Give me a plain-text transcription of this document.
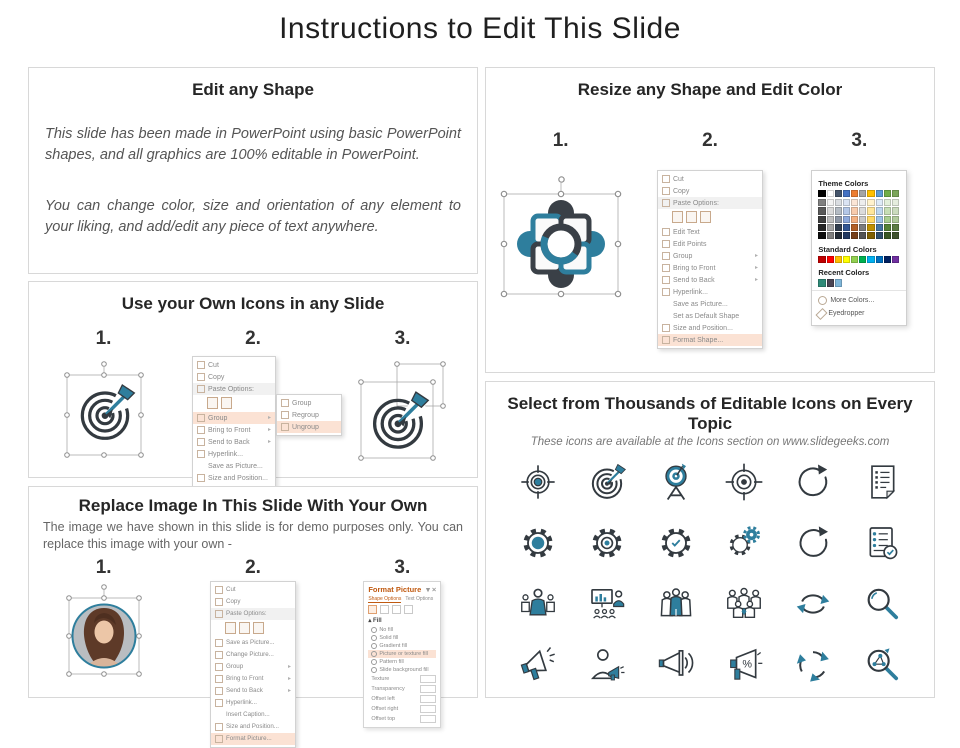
Instructions to Edit This Slide
Edit any Shape

This slide has been made in PowerPoint using basic PowerPoint shapes, and all graphics are 100% editable in PowerPoint.

You can change color, size and orientation of any element to your liking, and add/edit any piece of text anywhere.

Use your Own Icons in any Slide
1.	2.
Cut
Copy
Paste Options:
Group	▸
Bring to Front	▸
Send to Back	▸
Hyperlink...
Save as Picture...
Size and Position...
Group
Regroup
Ungroup
3.
Replace Image In This Slide With Your Own
The image we have shown in this slide is for demo purposes only. You can replace this image with your own -
1.	2.
Cut
Copy
Paste Options:
Save as Picture...
Change Picture...
Group	▸
Bring to Front	▸
Send to Back	▸
Hyperlink...
Insert Caption...
Size and Position...
Format Picture...
3.
Format Picture ▾ ×
Shape Options Text Options
▴ Fill
No fill
Solid fill
Gradient fill
Picture or texture fill
Pattern fill
Slide background fill
Texture
Transparency
Offset left
Offset right
Offset top
Resize any Shape and Edit Color
1.	2.
Cut
Copy
Paste Options:
Edit Text
Edit Points
Group	▸
Bring to Front	▸
Send to Back	▸
Hyperlink...
Save as Picture...
Set as Default Shape
Size and Position...
Format Shape...
3.
Theme Colors
Standard Colors
Recent Colors
More Colors...
Eyedropper
Select from Thousands of Editable Icons on Every Topic
These icons are available at the Icons section on www.slidegeeks.com
